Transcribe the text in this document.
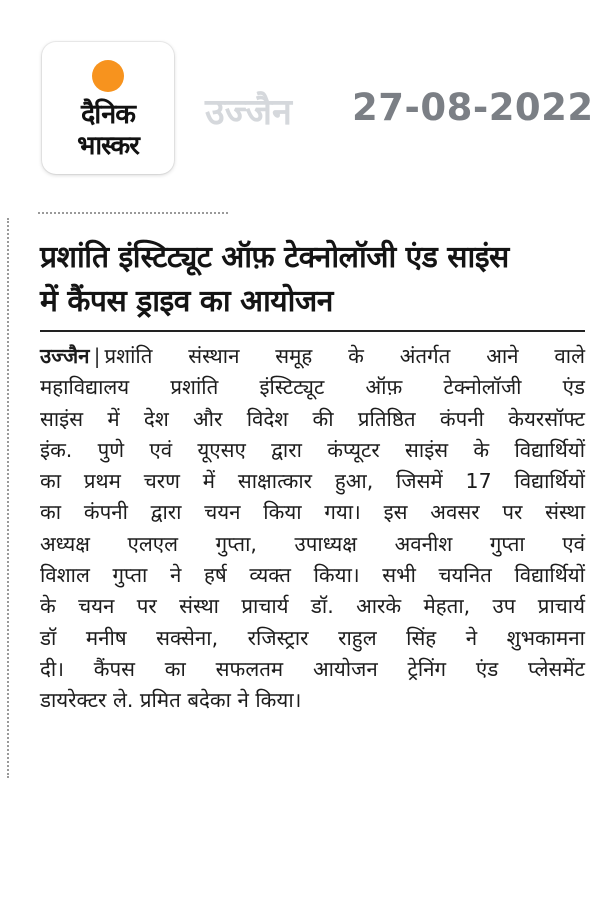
दैनिक
भास्कर
उज्जैन 27-08-2022
प्रशांति इंस्टिट्यूट ऑफ़ टेक्नोलॉजी एंड साइंस
में कैंपस ड्राइव का आयोजन
उज्जैन | प्रशांति संस्थान समूह के अंतर्गत आने वाले
महाविद्यालय प्रशांति इंस्टिट्यूट ऑफ़ टेक्नोलॉजी एंड
साइंस में देश और विदेश की प्रतिष्ठित कंपनी केयरसॉफ्ट
इंक. पुणे एवं यूएसए द्वारा कंप्यूटर साइंस के विद्यार्थियों
का प्रथम चरण में साक्षात्कार हुआ, जिसमें 17 विद्यार्थियों
का कंपनी द्वारा चयन किया गया। इस अवसर पर संस्था
अध्यक्ष एलएल गुप्ता, उपाध्यक्ष अवनीश गुप्ता एवं
विशाल गुप्ता ने हर्ष व्यक्त किया। सभी चयनित विद्यार्थियों
के चयन पर संस्था प्राचार्य डॉ. आरके मेहता, उप प्राचार्य
डॉ मनीष सक्सेना, रजिस्ट्रार राहुल सिंह ने शुभकामना
दी। कैंपस का सफलतम आयोजन ट्रेनिंग एंड प्लेसमेंट
डायरेक्टर ले. प्रमित बदेका ने किया।
